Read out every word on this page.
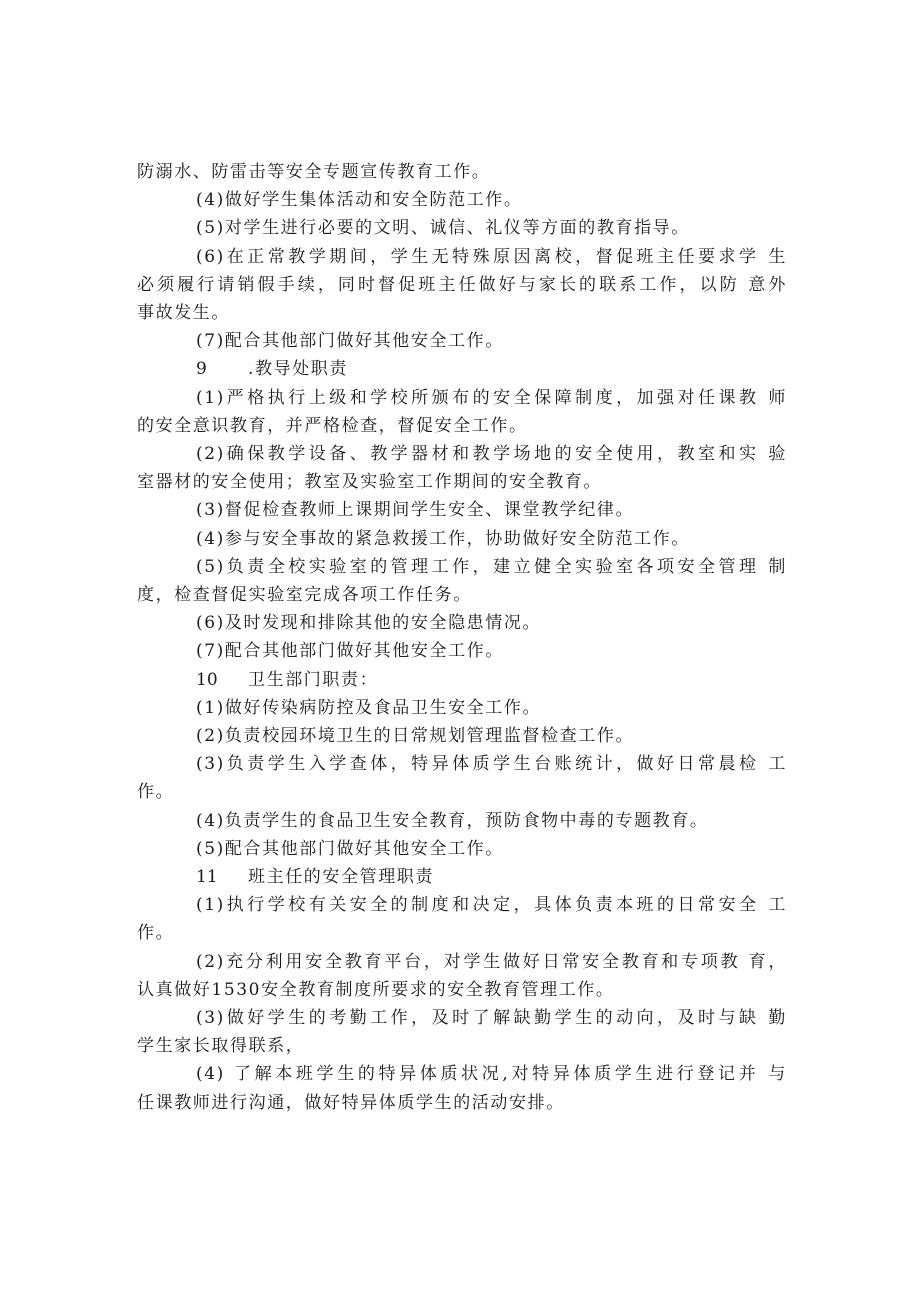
防溺水、防雷击等安全专题宣传教育工作。
(4)做好学生集体活动和安全防范工作。
(5)对学生进行必要的文明、诚信、礼仪等方面的教育指导。
(6)在正常教学期间，学生无特殊原因离校，督促班主任要求学 生
必须履行请销假手续，同时督促班主任做好与家长的联系工作，以防 意外
事故发生。
(7)配合其他部门做好其他安全工作。
9 .教导处职责
(1)严格执行上级和学校所颁布的安全保障制度，加强对任课教 师
的安全意识教育，并严格检查，督促安全工作。
(2)确保教学设备、教学器材和教学场地的安全使用，教室和实 验
室器材的安全使用；教室及实验室工作期间的安全教育。
(3)督促检查教师上课期间学生安全、课堂教学纪律。
(4)参与安全事故的紧急救援工作，协助做好安全防范工作。
(5)负责全校实验室的管理工作，建立健全实验室各项安全管理 制
度，检查督促实验室完成各项工作任务。
(6)及时发现和排除其他的安全隐患情况。
(7)配合其他部门做好其他安全工作。
10 卫生部门职责：
(1)做好传染病防控及食品卫生安全工作。
(2)负责校园环境卫生的日常规划管理监督检查工作。
(3)负责学生入学查体，特异体质学生台账统计，做好日常晨检 工
作。
(4)负责学生的食品卫生安全教育，预防食物中毒的专题教育。
(5)配合其他部门做好其他安全工作。
11 班主任的安全管理职责
(1)执行学校有关安全的制度和决定，具体负责本班的日常安全 工
作。
(2)充分利用安全教育平台，对学生做好日常安全教育和专项教 育，
认真做好1530安全教育制度所要求的安全教育管理工作。
(3)做好学生的考勤工作，及时了解缺勤学生的动向，及时与缺 勤
学生家长取得联系，
(4) 了解本班学生的特异体质状况,对特异体质学生进行登记并 与
任课教师进行沟通，做好特异体质学生的活动安排。
